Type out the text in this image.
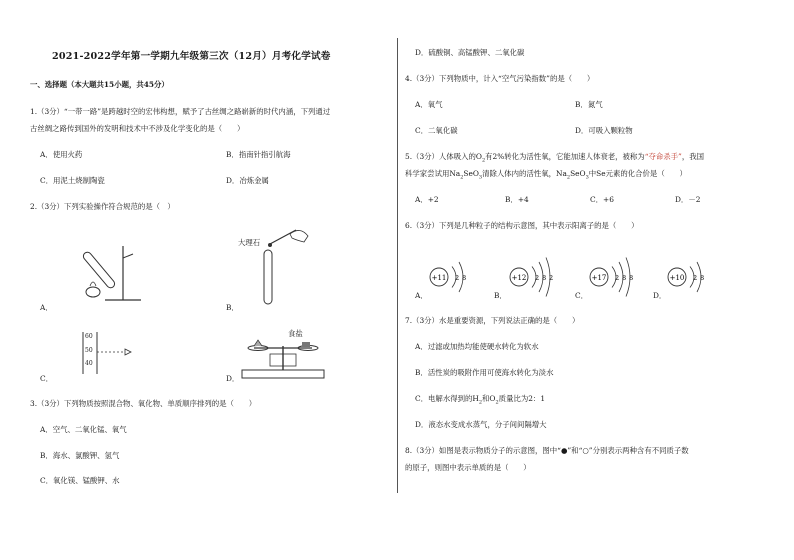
2021-2022学年第一学期九年级第三次（12月）月考化学试卷
一、选择题（本大题共15小题，共45分）
1.（3分）“一带一路”是跨越时空的宏伟构想，赋予了古丝绸之路崭新的时代内涵，下列通过
古丝绸之路传到国外的发明和技术中不涉及化学变化的是（　　）
A．使用火药	B．指南针指引航海
C．用泥土烧制陶瓷	D．冶炼金属
2.（3分）下列实验操作符合规范的是（　）
A．	B．
C．	D．
大理石
60
50
40
食盐
3.（3分）下列物质按照混合物、氧化物、单质顺序排列的是（　　）
A．空气、二氧化锰、氧气
B．海水、氯酸钾、氢气
C．氧化镁、锰酸钾、水
D．硫酸铜、高锰酸钾、二氧化碳
4.（3分）下列物质中，计入“空气污染指数”的是（　　）
A．氧气	B．氮气
C．二氧化碳	D．可吸入颗粒物
5.（3分）人体吸入的$O_2$有2%转化为活性氧，它能加速人体衰老，被称为“夺命杀手”，我国
科学家尝试用$Na_2SeO_3$清除人体内的活性氧，$Na_2SeO_3$中Se元素的化合价是（　　）
A．+2	B．+4	C．+6	D．－2
6.（3分）下列是几种粒子的结构示意图，其中表示阳离子的是（　　）
A．	B．	C．	D．
+11 2 8	+12 2 8 2	+17 2 8 8	+10 2 8
7.（3分）水是重要资源，下列说法正确的是（　　）
A．过滤或加热均能使硬水转化为软水
B．活性炭的吸附作用可使海水转化为淡水
C．电解水得到的$H_2$和$O_2$质量比为2：1
D．液态水变成水蒸气，分子间间隔增大
8.（3分）如图是表示物质分子的示意图，图中“●”和“○”分别表示两种含有不同质子数
的原子，则图中表示单质的是（　　）
